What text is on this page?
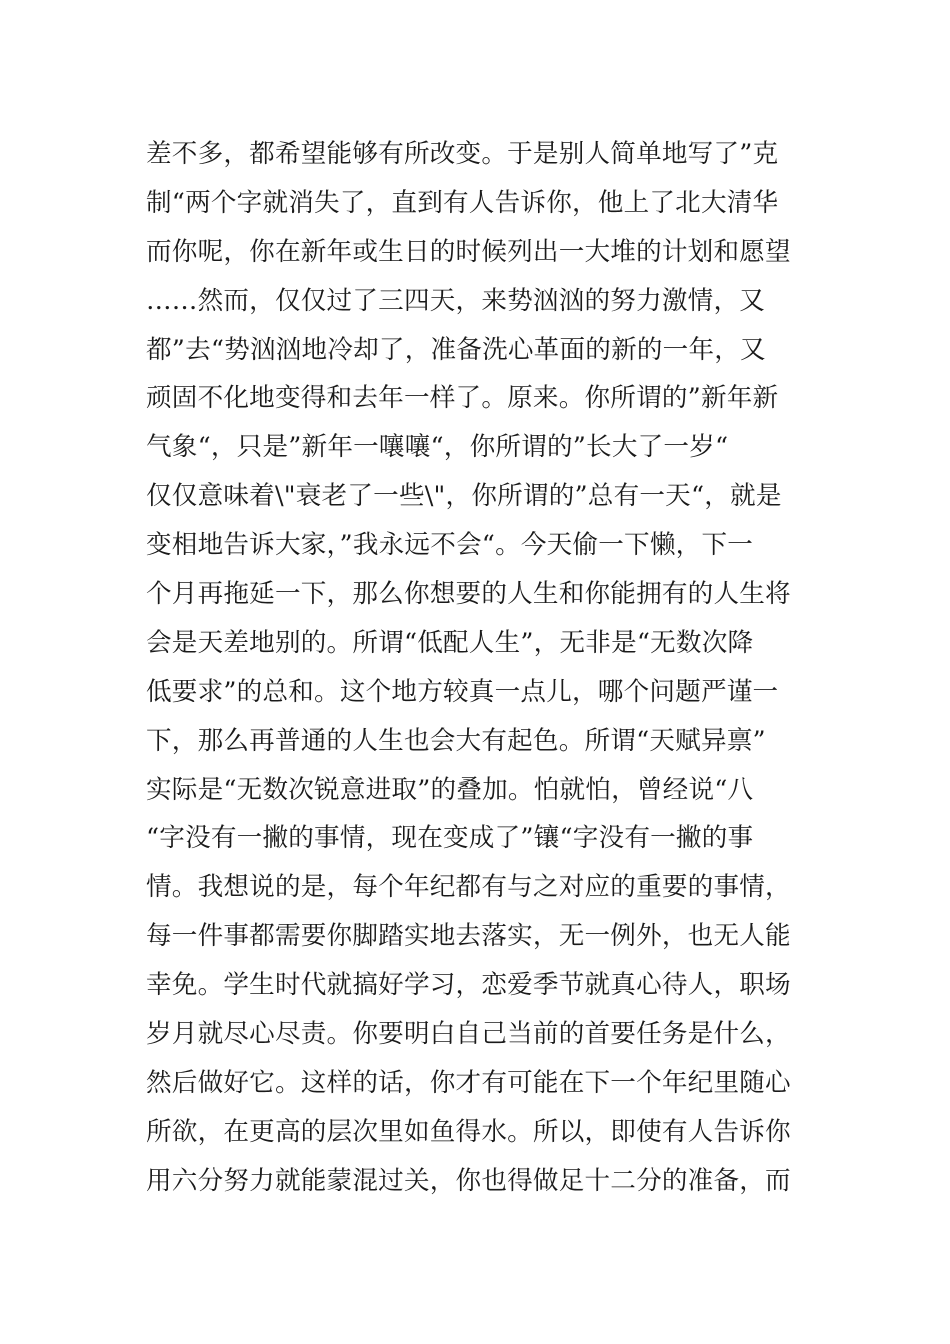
差不多，都希望能够有所改变。于是别人简单地写了”克
制“两个字就消失了，直到有人告诉你，他上了北大清华
而你呢，你在新年或生日的时候列出一大堆的计划和愿望
……然而，仅仅过了三四天，来势汹汹的努力激情，又
都”去“势汹汹地冷却了，准备洗心革面的新的一年，又
顽固不化地变得和去年一样了。原来。你所谓的”新年新
气象“，只是”新年一嚷嚷“，你所谓的”长大了一岁“
仅仅意味着\"衰老了一些\"，你所谓的”总有一天“，就是
变相地告诉大家，”我永远不会“。今天偷一下懒，下一
个月再拖延一下，那么你想要的人生和你能拥有的人生将
会是天差地别的。所谓“低配人生”，无非是“无数次降
低要求”的总和。这个地方较真一点儿，哪个问题严谨一
下，那么再普通的人生也会大有起色。所谓“天赋异禀”
实际是“无数次锐意进取”的叠加。怕就怕，曾经说“八
“字没有一撇的事情，现在变成了”镶“字没有一撇的事
情。我想说的是，每个年纪都有与之对应的重要的事情，
每一件事都需要你脚踏实地去落实，无一例外，也无人能
幸免。学生时代就搞好学习，恋爱季节就真心待人，职场
岁月就尽心尽责。你要明白自己当前的首要任务是什么，
然后做好它。这样的话，你才有可能在下一个年纪里随心
所欲，在更高的层次里如鱼得水。所以，即使有人告诉你
用六分努力就能蒙混过关，你也得做足十二分的准备，而
